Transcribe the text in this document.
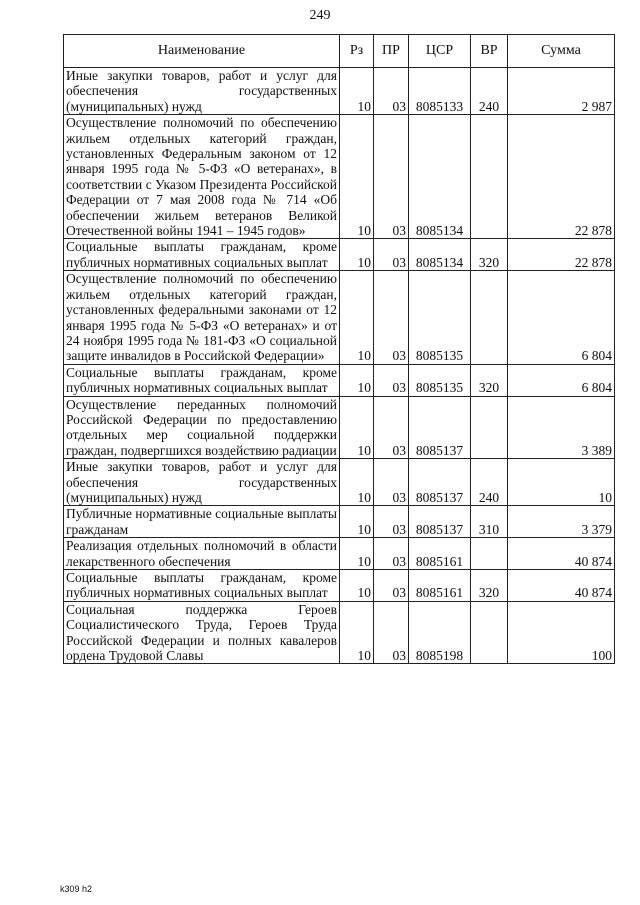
249
Наименование	Рз	ПР	ЦСР	ВР	Сумма
Иные закупки товаров, работ и услуг для обеспечения государственных (муниципальных) нужд	10	03	8085133	240	2 987
Осуществление полномочий по обеспечению жильем отдельных категорий граждан, установленных Федеральным законом от 12 января 1995 года № 5-ФЗ «О ветеранах», в соответствии с Указом Президента Российской Федерации от 7 мая 2008 года № 714 «Об обеспечении жильем ветеранов Великой Отечественной войны 1941 – 1945 годов»	10	03	8085134		22 878
Социальные выплаты гражданам, кроме публичных нормативных социальных выплат	10	03	8085134	320	22 878
Осуществление полномочий по обеспечению жильем отдельных категорий граждан, установленных федеральными законами от 12 января 1995 года № 5-ФЗ «О ветеранах» и от 24 ноября 1995 года № 181-ФЗ «О социальной защите инвалидов в Российской Федерации»	10	03	8085135		6 804
Социальные выплаты гражданам, кроме публичных нормативных социальных выплат	10	03	8085135	320	6 804
Осуществление переданных полномочий Российской Федерации по предоставлению отдельных мер социальной поддержки граждан, подвергшихся воздействию радиации	10	03	8085137		3 389
Иные закупки товаров, работ и услуг для обеспечения государственных (муниципальных) нужд	10	03	8085137	240	10
Публичные нормативные социальные выплаты гражданам	10	03	8085137	310	3 379
Реализация отдельных полномочий в области лекарственного обеспечения	10	03	8085161		40 874
Социальные выплаты гражданам, кроме публичных нормативных социальных выплат	10	03	8085161	320	40 874
Социальная поддержка Героев Социалистического Труда, Героев Труда Российской Федерации и полных кавалеров ордена Трудовой Славы	10	03	8085198		100
k309 h2
